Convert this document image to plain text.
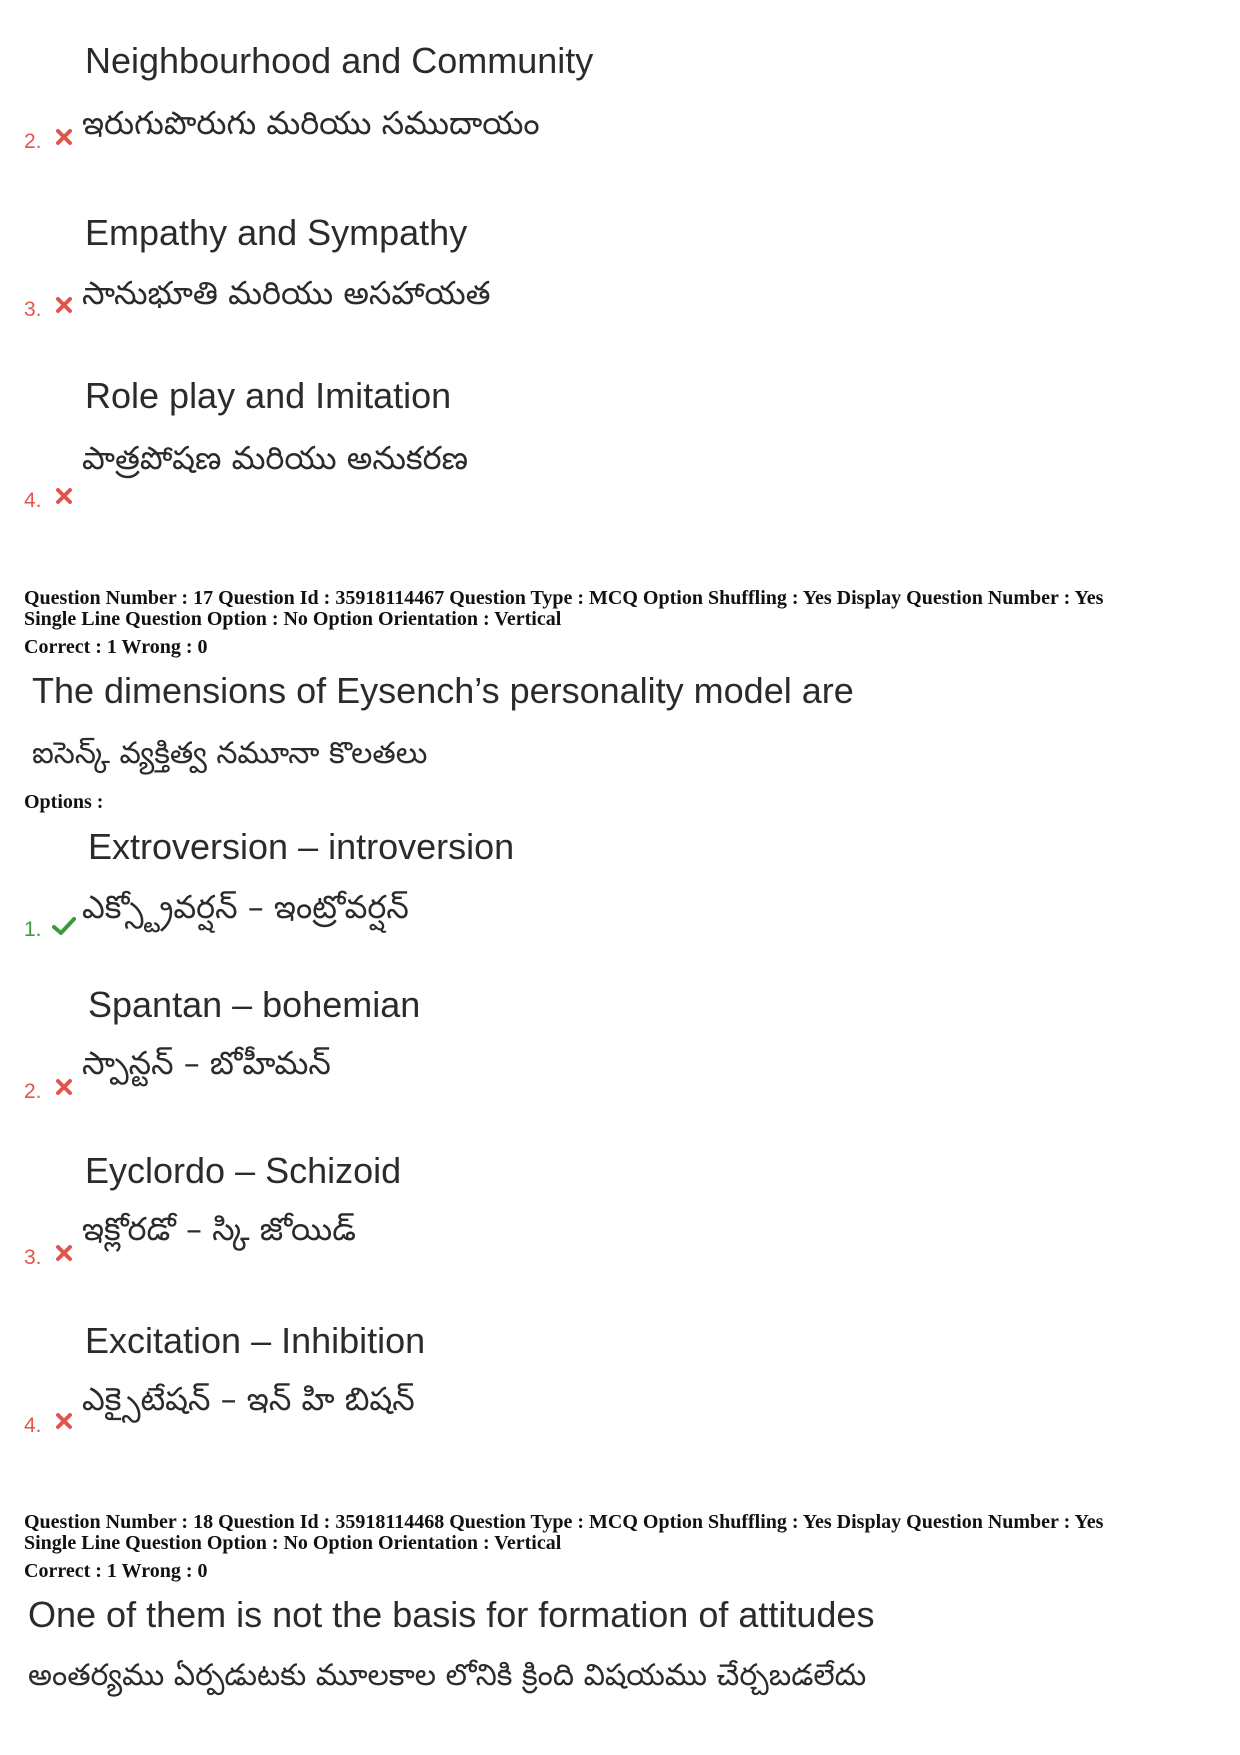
Neighbourhood and Community
ఇరుగుపొరుగు మరియు సముదాయం
2.
Empathy and Sympathy
సానుభూతి మరియు అసహాయత
3.
Role play and Imitation
పాత్రపోషణ మరియు అనుకరణ
4.
Question Number : 17 Question Id : 35918114467 Question Type : MCQ Option Shuffling : Yes Display Question Number : Yes
Single Line Question Option : No Option Orientation : Vertical
Correct : 1 Wrong : 0
The dimensions of Eysench’s personality model are
ఐసెన్క్ వ్యక్తిత్వ నమూనా కొలతలు
Options :
Extroversion – introversion
ఎక్స్ట్రోవర్షన్ – ఇంట్రోవర్షన్
1.
Spantan – bohemian
స్పాన్టన్ – బోహీమన్
2.
Eyclordo – Schizoid
ఇక్లోరడో – స్కి జోయిడ్
3.
Excitation – Inhibition
ఎక్సైటేషన్ – ఇన్ హి బిషన్
4.
Question Number : 18 Question Id : 35918114468 Question Type : MCQ Option Shuffling : Yes Display Question Number : Yes
Single Line Question Option : No Option Orientation : Vertical
Correct : 1 Wrong : 0
One of them is not the basis for formation of attitudes
అంతర్యము ఏర్పడుటకు మూలకాల లోనికి క్రింది విషయము చేర్చబడలేదు
